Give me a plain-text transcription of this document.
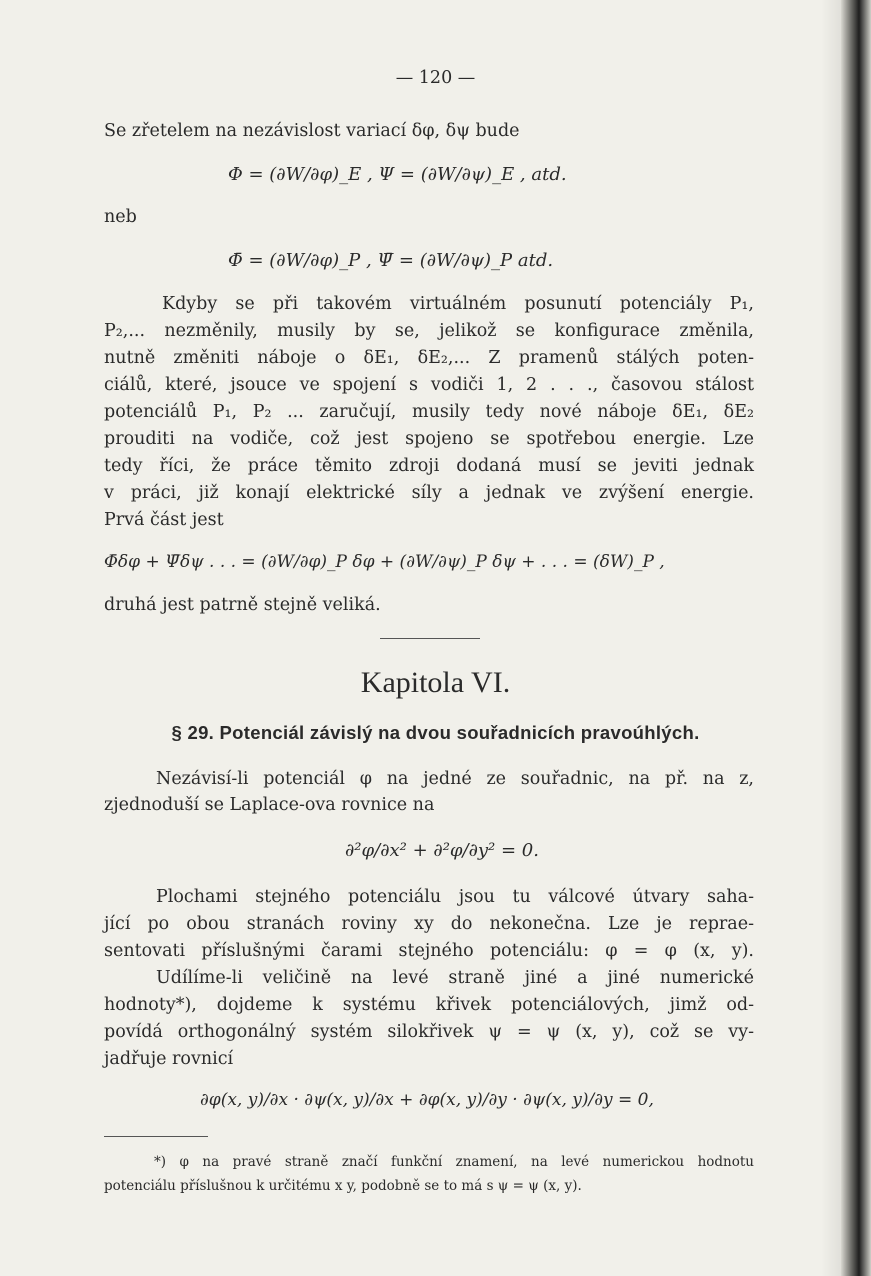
— 120 —
Se zřetelem na nezávislost variací δφ, δψ bude
Φ = (∂W/∂φ)_E , Ψ = (∂W/∂ψ)_E , atd.
neb
Φ̄ = (∂W/∂φ)_P , Ψ̄ = (∂W/∂ψ)_P atd.
Kdyby se při takovém virtuálném posunutí potenciály P₁,
P₂,... nezměnily, musily by se, jelikož se konfigurace změnila,
nutně změniti náboje o δE₁, δE₂,... Z pramenů stálých poten-
ciálů, které, jsouce ve spojení s vodiči 1, 2 . . ., časovou stálost
potenciálů P₁, P₂ ... zaručují, musily tedy nové náboje δE₁, δE₂
prouditi na vodiče, což jest spojeno se spotřebou energie. Lze
tedy říci, že práce těmito zdroji dodaná musí se jeviti jednak
v práci, již konají elektrické síly a jednak ve zvýšení energie.
Prvá část jest
Φ̄δφ + Ψ̄δψ . . . = (∂W/∂φ)_P δφ + (∂W/∂ψ)_P δψ + . . . = (δW)_P ,
druhá jest patrně stejně veliká.
Kapitola VI.
§ 29. Potenciál závislý na dvou souřadnicích pravoúhlých.
Nezávisí-li potenciál φ na jedné ze souřadnic, na př. na z,
zjednoduší se Laplace-ova rovnice na
∂²φ/∂x² + ∂²φ/∂y² = 0.
Plochami stejného potenciálu jsou tu válcové útvary saha-
jící po obou stranách roviny xy do nekonečna. Lze je reprae-
sentovati příslušnými čarami stejného potenciálu: φ = φ (x, y).
Udílíme-li veličině na levé straně jiné a jiné numerické
hodnoty*), dojdeme k systému křivek potenciálových, jimž od-
povídá orthogonálný systém silokřivek ψ = ψ (x, y), což se vy-
jadřuje rovnicí
∂φ(x, y)/∂x · ∂ψ(x, y)/∂x + ∂φ(x, y)/∂y · ∂ψ(x, y)/∂y = 0,
*) φ na pravé straně značí funkční znamení, na levé numerickou hodnotu
potenciálu příslušnou k určitému x y, podobně se to má s ψ = ψ (x, y).
